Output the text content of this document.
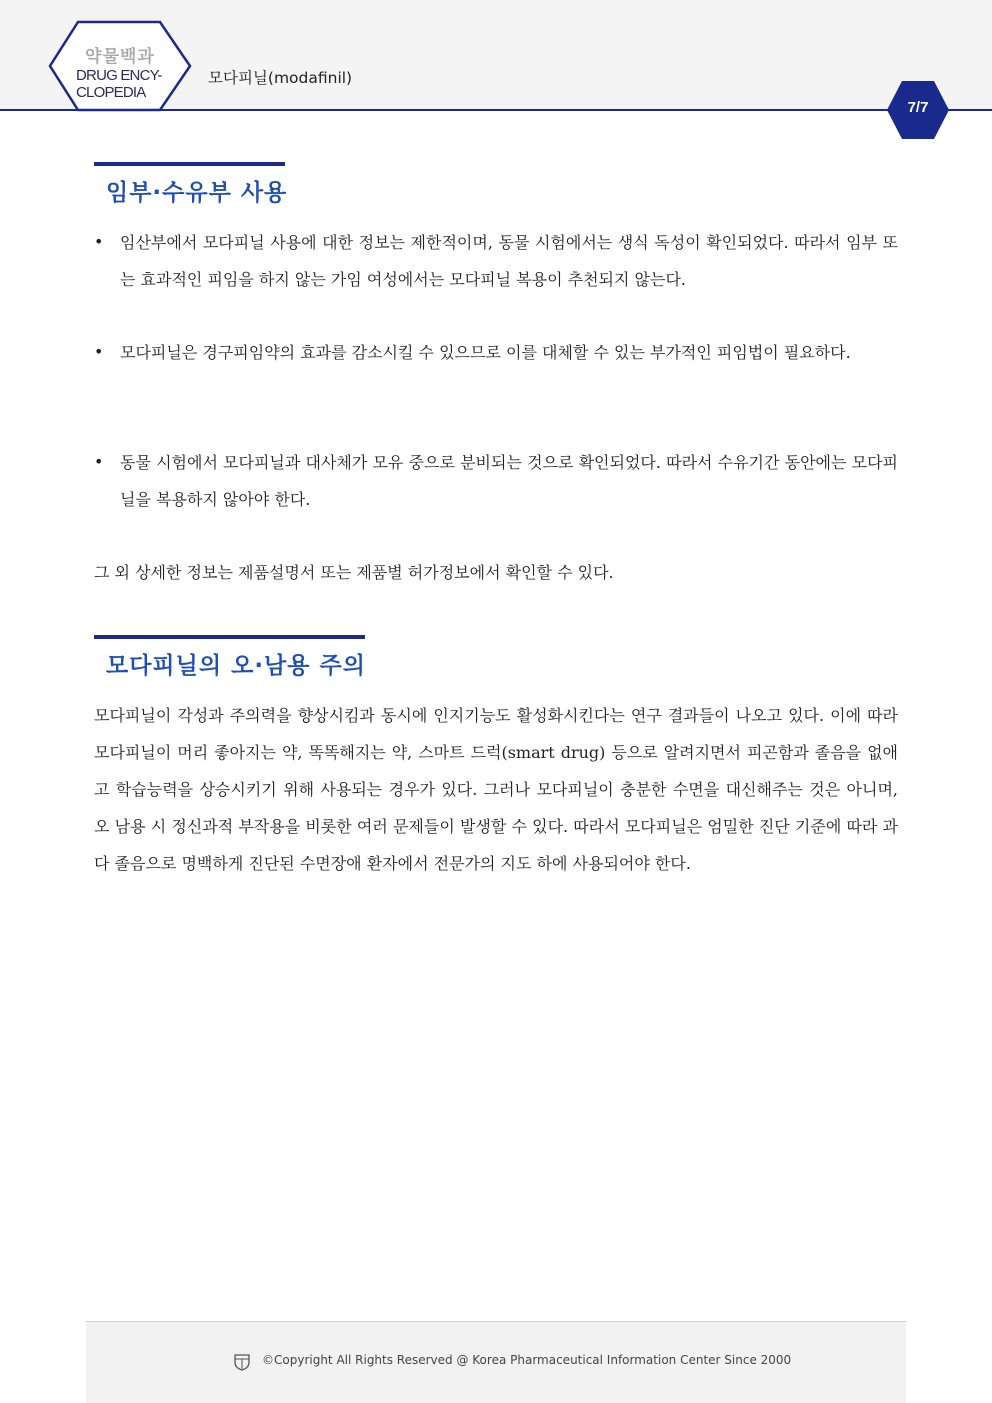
약물백과
DRUG ENCY-
CLOPEDIA
모다피닐(modafinil)
7/7
임부·수유부 사용
• 임산부에서 모다피닐 사용에 대한 정보는 제한적이며, 동물 시험에서는 생식 독성이 확인되었다. 따라서 임부 또는 효과적인 피임을 하지 않는 가임 여성에서는 모다피닐 복용이 추천되지 않는다.
• 모다피닐은 경구피임약의 효과를 감소시킬 수 있으므로 이를 대체할 수 있는 부가적인 피임법이 필요하다.
• 동물 시험에서 모다피닐과 대사체가 모유 중으로 분비되는 것으로 확인되었다. 따라서 수유기간 동안에는 모다피닐을 복용하지 않아야 한다.
그 외 상세한 정보는 제품설명서 또는 제품별 허가정보에서 확인할 수 있다.
모다피닐의 오·남용 주의
모다피닐이 각성과 주의력을 향상시킴과 동시에 인지기능도 활성화시킨다는 연구 결과들이 나오고 있다. 이에 따라 모다피닐이 머리 좋아지는 약, 똑똑해지는 약, 스마트 드럭(smart drug) 등으로 알려지면서 피곤함과 졸음을 없애고 학습능력을 상승시키기 위해 사용되는 경우가 있다. 그러나 모다피닐이 충분한 수면을 대신해주는 것은 아니며, 오 남용 시 정신과적 부작용을 비롯한 여러 문제들이 발생할 수 있다. 따라서 모다피닐은 엄밀한 진단 기준에 따라 과다 졸음으로 명백하게 진단된 수면장애 환자에서 전문가의 지도 하에 사용되어야 한다.
©Copyright All Rights Reserved @ Korea Pharmaceutical Information Center Since 2000
